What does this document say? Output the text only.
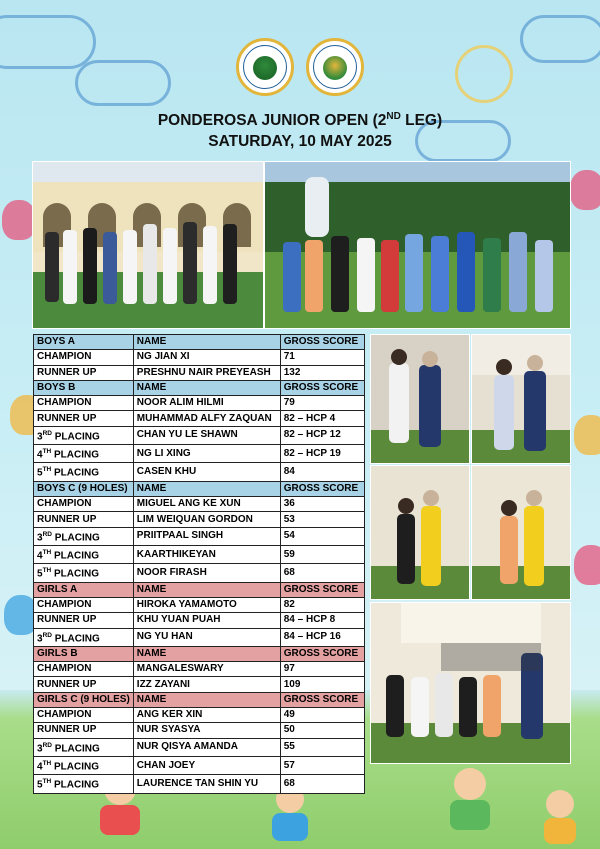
PONDEROSA JUNIOR OPEN (2ND LEG)
SATURDAY, 10 MAY 2025
BOYS A	NAME	GROSS SCORE
CHAMPION	NG JIAN XI	71
RUNNER UP	PRESHNU NAIR PREYEASH	132
BOYS B	NAME	GROSS SCORE
CHAMPION	NOOR ALIM HILMI	79
RUNNER UP	MUHAMMAD ALFY ZAQUAN	82 – HCP 4
3RD PLACING	CHAN YU LE SHAWN	82 – HCP 12
4TH PLACING	NG LI XING	82 – HCP 19
5TH PLACING	CASEN KHU	84
BOYS C (9 HOLES)	NAME	GROSS SCORE
CHAMPION	MIGUEL ANG KE XUN	36
RUNNER UP	LIM WEIQUAN GORDON	53
3RD PLACING	PRIITPAAL SINGH	54
4TH PLACING	KAARTHIKEYAN	59
5TH PLACING	NOOR FIRASH	68
GIRLS A	NAME	GROSS SCORE
CHAMPION	HIROKA YAMAMOTO	82
RUNNER UP	KHU YUAN PUAH	84 – HCP 8
3RD PLACING	NG YU HAN	84 – HCP 16
GIRLS B	NAME	GROSS SCORE
CHAMPION	MANGALESWARY	97
RUNNER UP	IZZ ZAYANI	109
GIRLS C (9 HOLES)	NAME	GROSS SCORE
CHAMPION	ANG KER XIN	49
RUNNER UP	NUR SYASYA	50
3RD PLACING	NUR QISYA AMANDA	55
4TH PLACING	CHAN JOEY	57
5TH PLACING	LAURENCE TAN SHIN YU	68
